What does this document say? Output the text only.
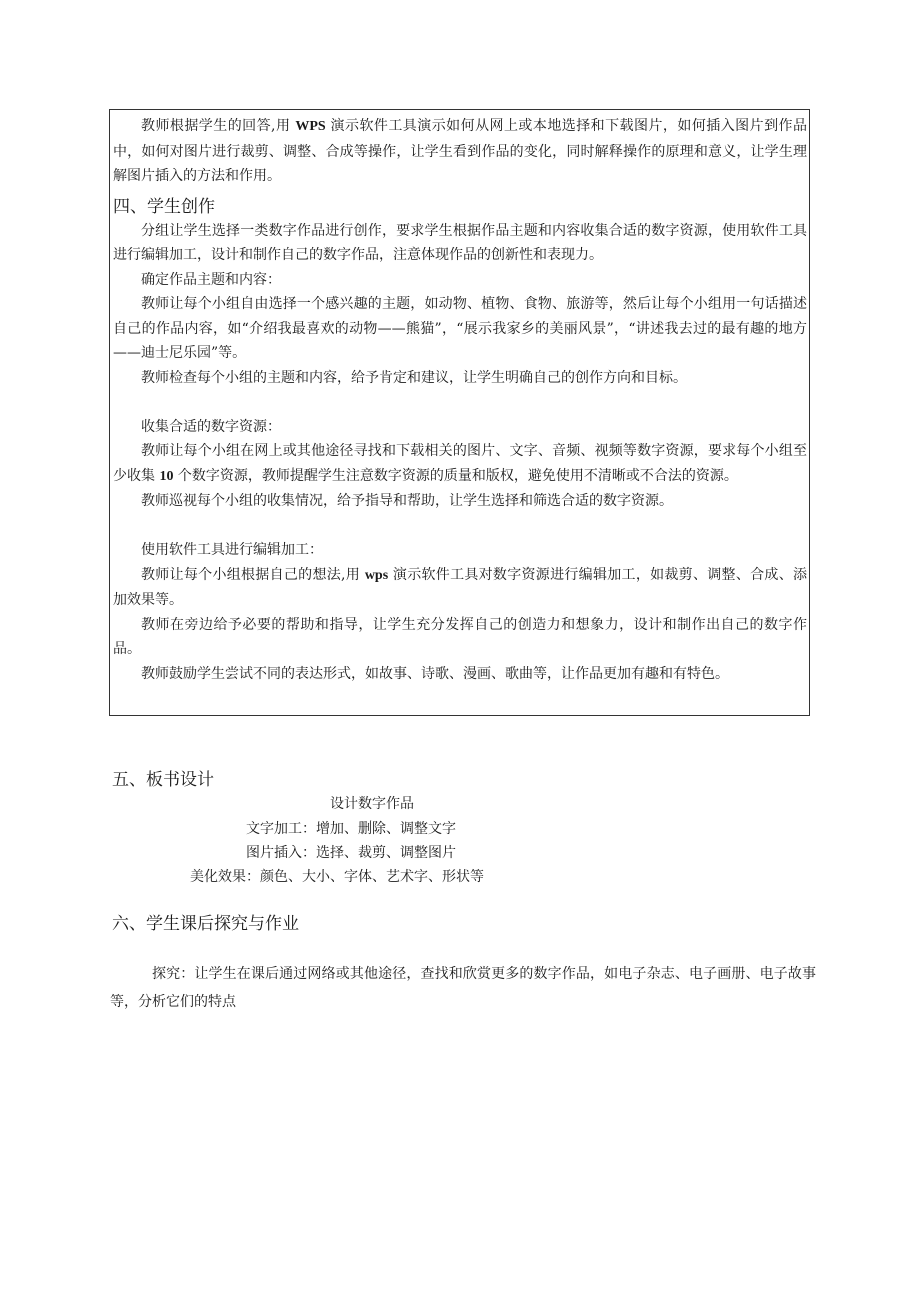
教师根据学生的回答,用 WPS 演示软件工具演示如何从网上或本地选择和下载图片，如何插入图片到作品中，如何对图片进行裁剪、调整、合成等操作，让学生看到作品的变化，同时解释操作的原理和意义，让学生理解图片插入的方法和作用。

四、学生创作

分组让学生选择一类数字作品进行创作，要求学生根据作品主题和内容收集合适的数字资源，使用软件工具进行编辑加工，设计和制作自己的数字作品，注意体现作品的创新性和表现力。

确定作品主题和内容：

教师让每个小组自由选择一个感兴趣的主题，如动物、植物、食物、旅游等，然后让每个小组用一句话描述自己的作品内容，如“介绍我最喜欢的动物——熊猫”，“展示我家乡的美丽风景”，“讲述我去过的最有趣的地方——迪士尼乐园”等。

教师检查每个小组的主题和内容，给予肯定和建议，让学生明确自己的创作方向和目标。

收集合适的数字资源：

教师让每个小组在网上或其他途径寻找和下载相关的图片、文字、音频、视频等数字资源，要求每个小组至少收集 10 个数字资源，教师提醒学生注意数字资源的质量和版权，避免使用不清晰或不合法的资源。

教师巡视每个小组的收集情况，给予指导和帮助，让学生选择和筛选合适的数字资源。

使用软件工具进行编辑加工：

教师让每个小组根据自己的想法,用 wps 演示软件工具对数字资源进行编辑加工，如裁剪、调整、合成、添加效果等。

教师在旁边给予必要的帮助和指导，让学生充分发挥自己的创造力和想象力，设计和制作出自己的数字作品。

教师鼓励学生尝试不同的表达形式，如故事、诗歌、漫画、歌曲等，让作品更加有趣和有特色。

五、板书设计

设计数字作品

文字加工：增加、删除、调整文字

图片插入：选择、裁剪、调整图片

美化效果：颜色、大小、字体、艺术字、形状等

六、学生课后探究与作业

探究：让学生在课后通过网络或其他途径，查找和欣赏更多的数字作品，如电子杂志、电子画册、电子故事等，分析它们的特点
